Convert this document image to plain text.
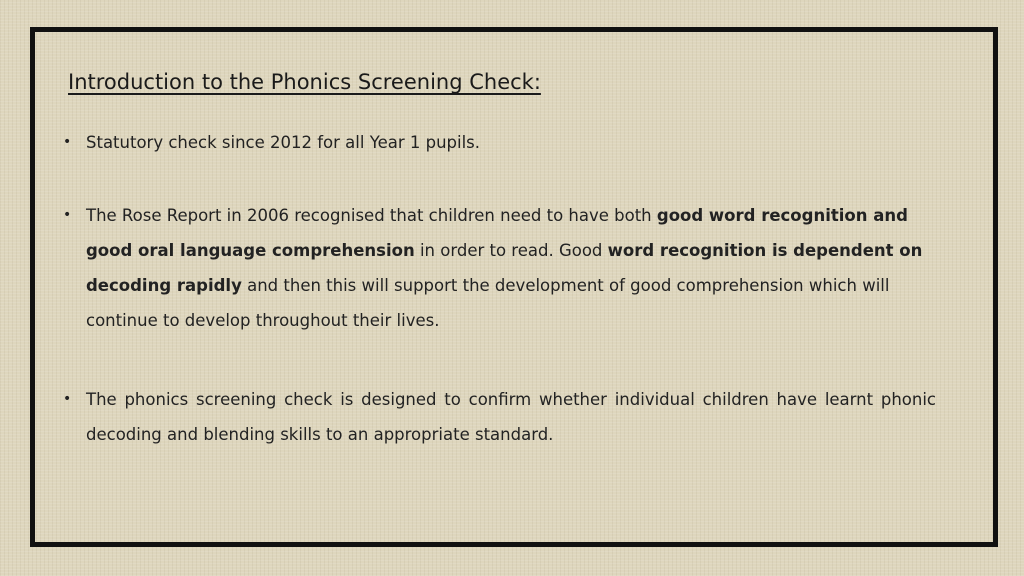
Introduction to the Phonics Screening Check:
• Statutory check since 2012 for all Year 1 pupils.
• The Rose Report in 2006 recognised that children need to have both good word recognition and good oral language comprehension in order to read. Good word recognition is dependent on decoding rapidly and then this will support the development of good comprehension which will continue to develop throughout their lives.
• The phonics screening check is designed to confirm whether individual children have learnt phonic decoding and blending skills to an appropriate standard.
